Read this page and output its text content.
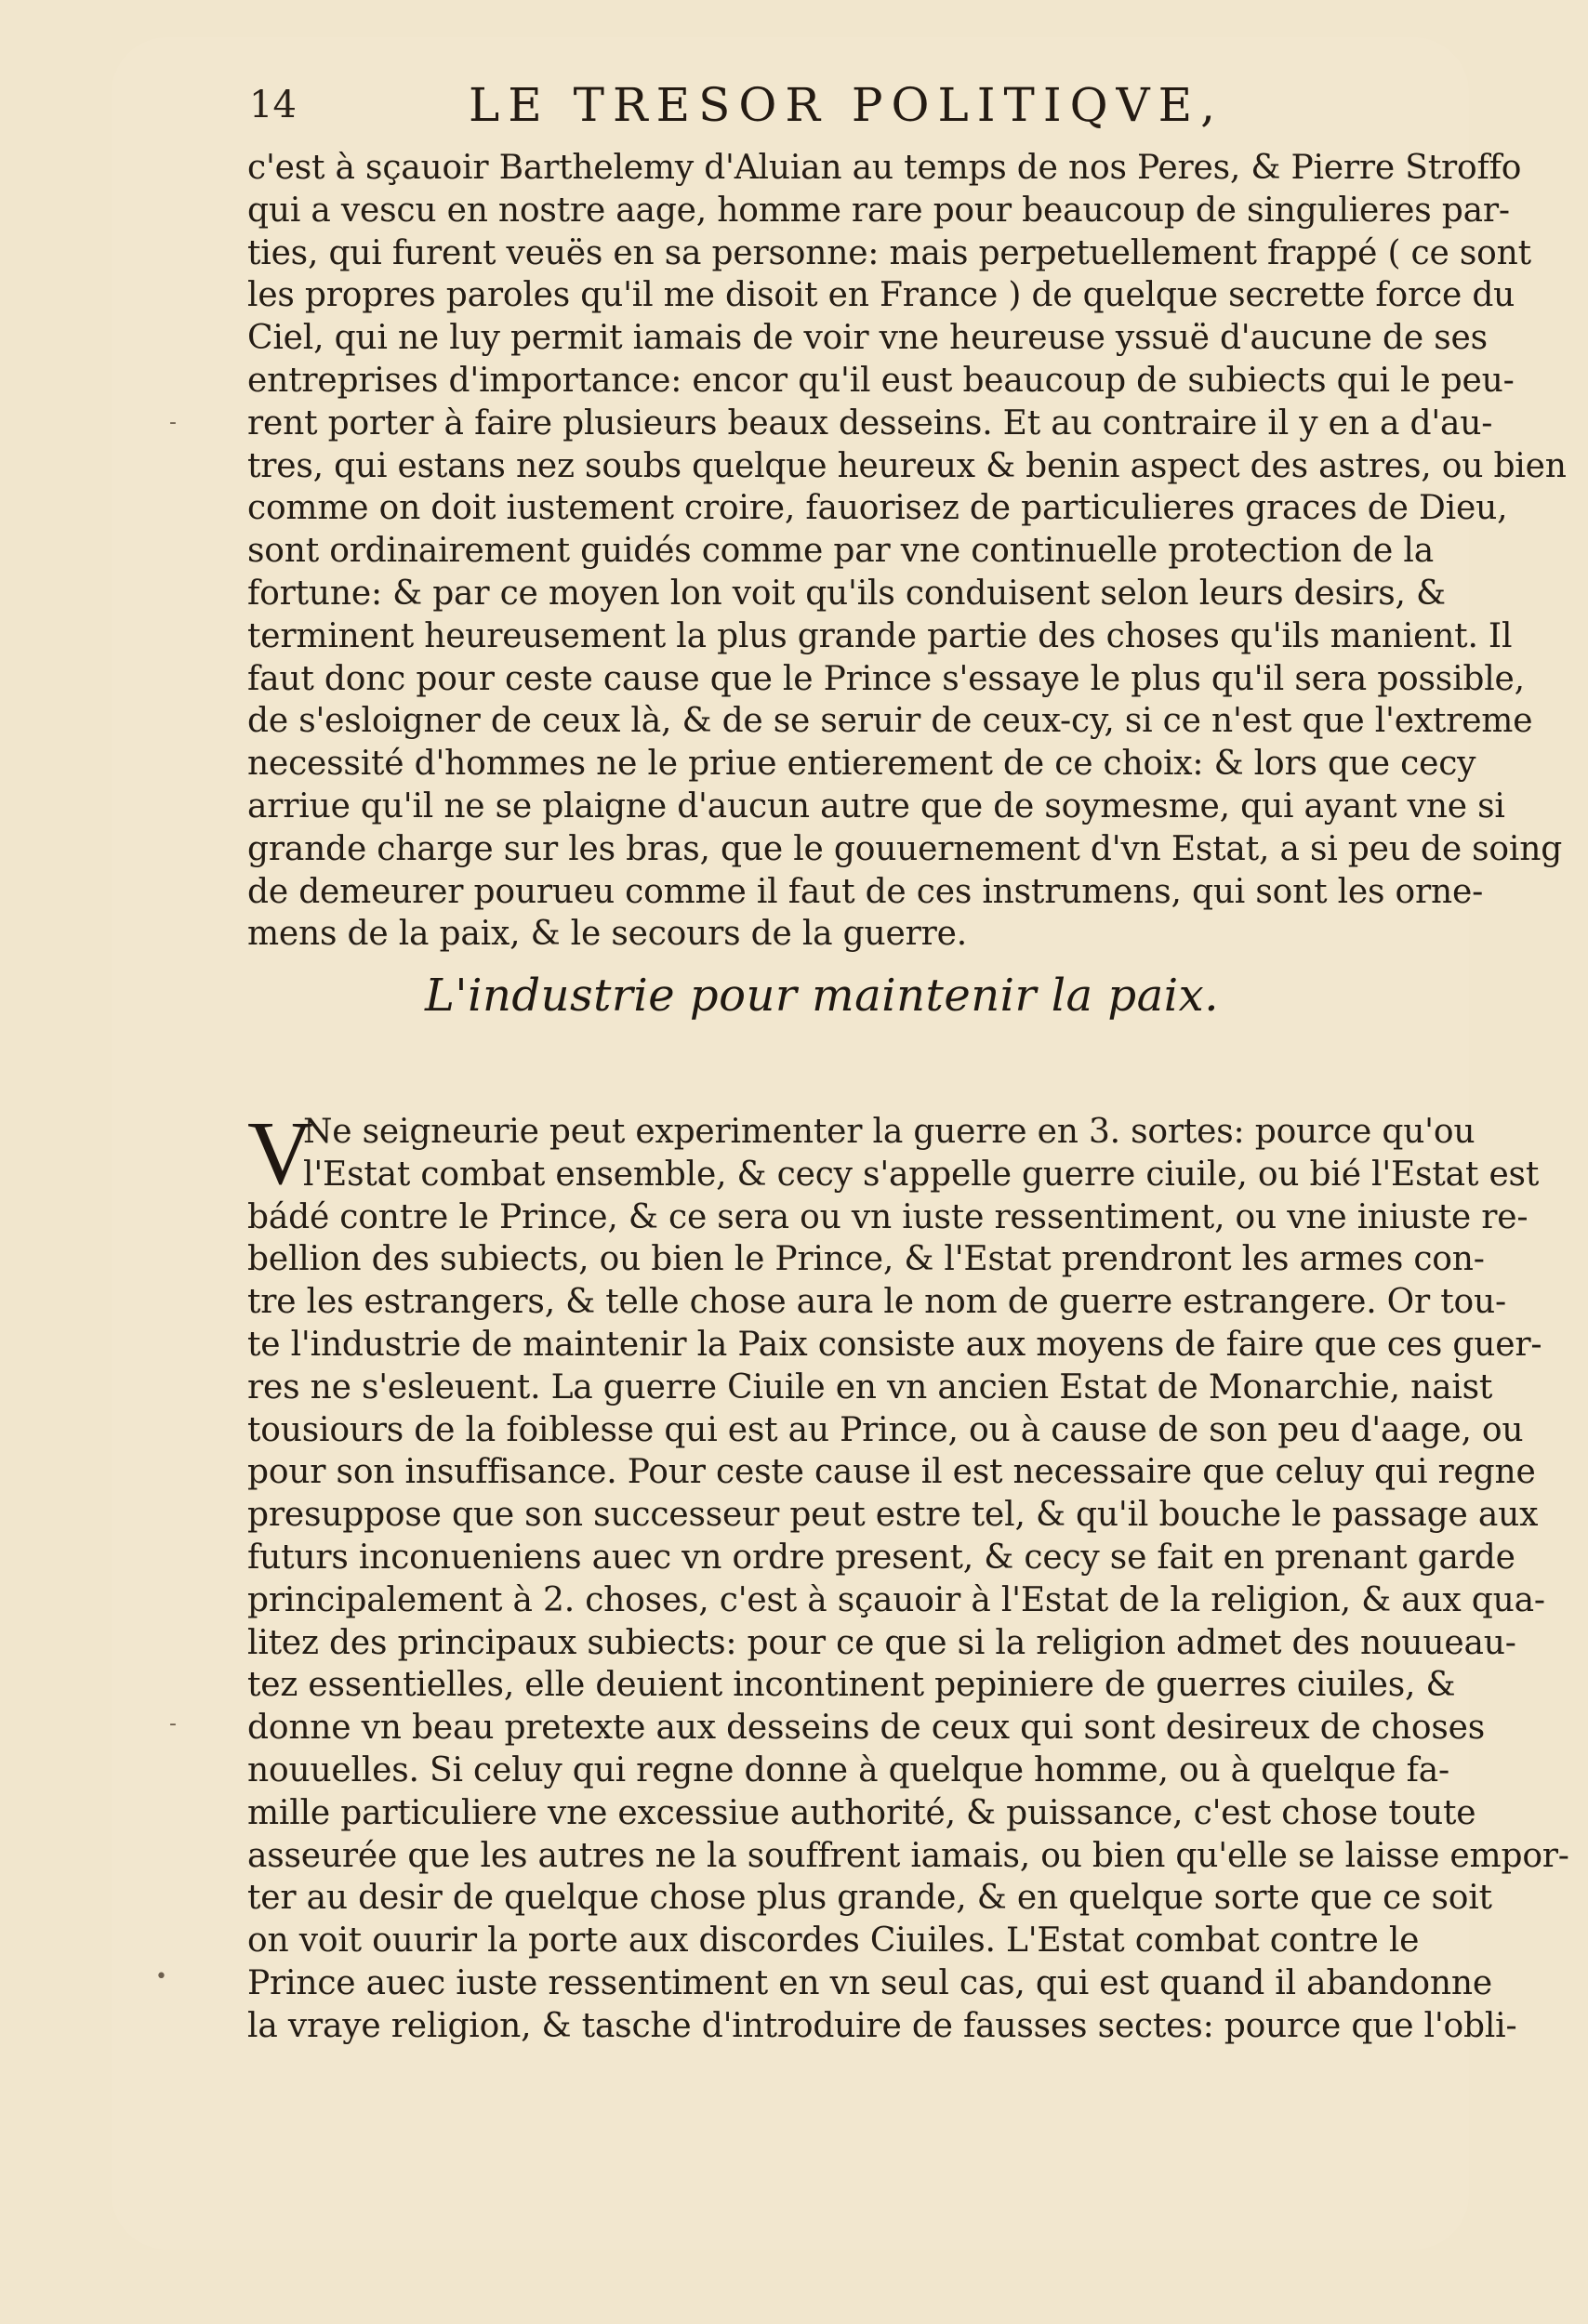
14	LE TRESOR POLITIQVE,
c'est à sçauoir Barthelemy d'Aluian au temps de nos Peres, & Pierre Stroffo
qui a vescu en nostre aage, homme rare pour beaucoup de singulieres par-
ties, qui furent veuës en sa personne: mais perpetuellement frappé ( ce sont
les propres paroles qu'il me disoit en France ) de quelque secrette force du
Ciel, qui ne luy permit iamais de voir vne heureuse yssuë d'aucune de ses
entreprises d'importance: encor qu'il eust beaucoup de subiects qui le peu-
rent porter à faire plusieurs beaux desseins. Et au contraire il y en a d'au-
tres, qui estans nez soubs quelque heureux & benin aspect des astres, ou bien
comme on doit iustement croire, fauorisez de particulieres graces de Dieu,
sont ordinairement guidés comme par vne continuelle protection de la
fortune: & par ce moyen lon voit qu'ils conduisent selon leurs desirs, &
terminent heureusement la plus grande partie des choses qu'ils manient. Il
faut donc pour ceste cause que le Prince s'essaye le plus qu'il sera possible,
de s'esloigner de ceux là, & de se seruir de ceux-cy, si ce n'est que l'extreme
necessité d'hommes ne le priue entierement de ce choix: & lors que cecy
arriue qu'il ne se plaigne d'aucun autre que de soymesme, qui ayant vne si
grande charge sur les bras, que le gouuernement d'vn Estat, a si peu de soing
de demeurer pourueu comme il faut de ces instrumens, qui sont les orne-
mens de la paix, & le secours de la guerre.
L'industrie pour maintenir la paix.
V
Ne seigneurie peut experimenter la guerre en 3. sortes: pource qu'ou
l'Estat combat ensemble, & cecy s'appelle guerre ciuile, ou bié l'Estat est
bádé contre le Prince, & ce sera ou vn iuste ressentiment, ou vne iniuste re-
bellion des subiects, ou bien le Prince, & l'Estat prendront les armes con-
tre les estrangers, & telle chose aura le nom de guerre estrangere. Or tou-
te l'industrie de maintenir la Paix consiste aux moyens de faire que ces guer-
res ne s'esleuent. La guerre Ciuile en vn ancien Estat de Monarchie, naist
tousiours de la foiblesse qui est au Prince, ou à cause de son peu d'aage, ou
pour son insuffisance. Pour ceste cause il est necessaire que celuy qui regne
presuppose que son successeur peut estre tel, & qu'il bouche le passage aux
futurs inconueniens auec vn ordre present, & cecy se fait en prenant garde
principalement à 2. choses, c'est à sçauoir à l'Estat de la religion, & aux qua-
litez des principaux subiects: pour ce que si la religion admet des nouueau-
tez essentielles, elle deuient incontinent pepiniere de guerres ciuiles, &
donne vn beau pretexte aux desseins de ceux qui sont desireux de choses
nouuelles. Si celuy qui regne donne à quelque homme, ou à quelque fa-
mille particuliere vne excessiue authorité, & puissance, c'est chose toute
asseurée que les autres ne la souffrent iamais, ou bien qu'elle se laisse empor-
ter au desir de quelque chose plus grande, & en quelque sorte que ce soit
on voit ouurir la porte aux discordes Ciuiles. L'Estat combat contre le
Prince auec iuste ressentiment en vn seul cas, qui est quand il abandonne
la vraye religion, & tasche d'introduire de fausses sectes: pource que l'obli-
-
-
•
